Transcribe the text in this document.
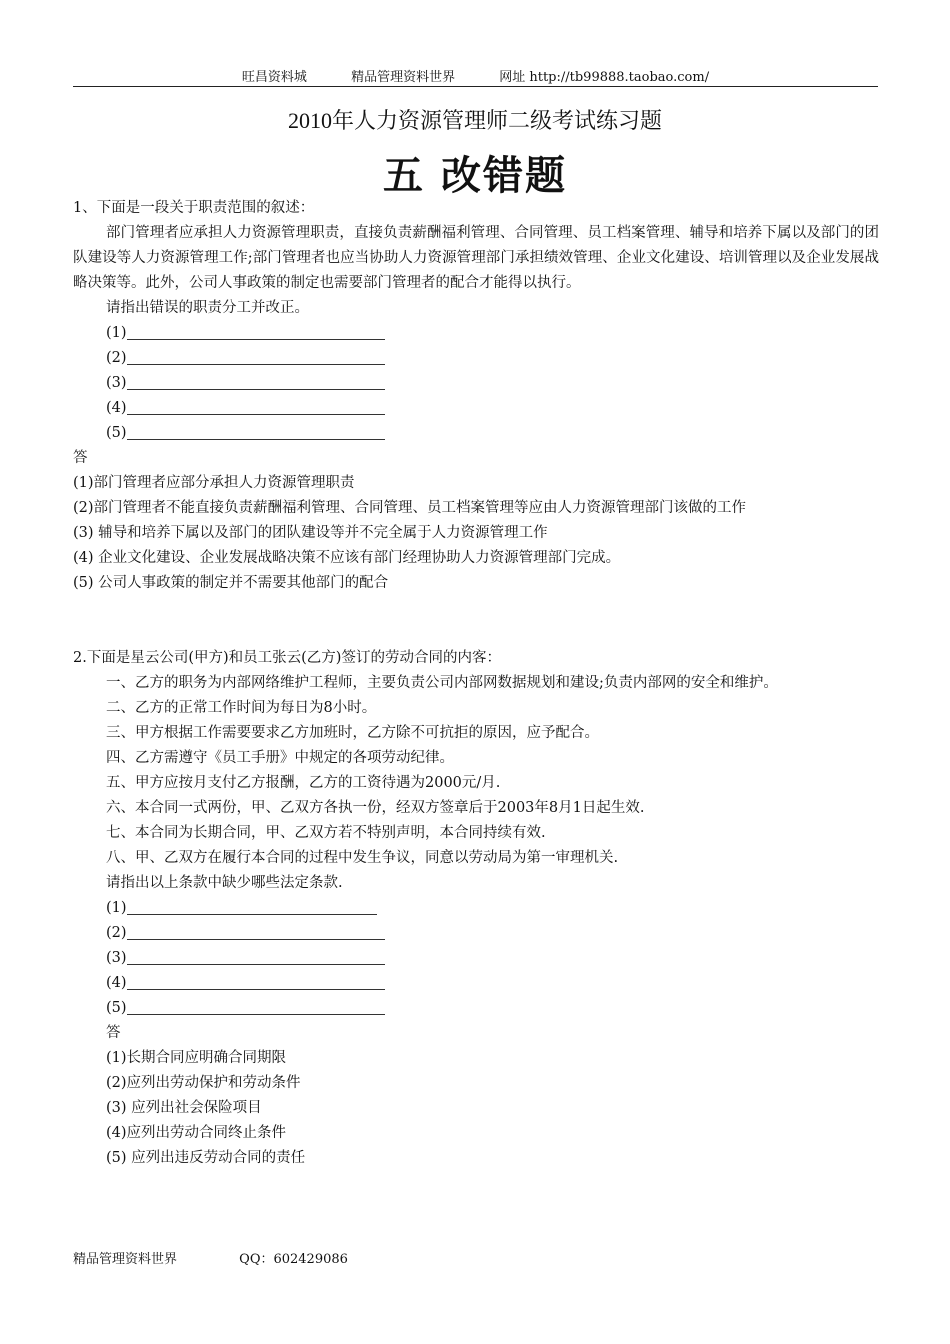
旺昌资料城	精品管理资料世界	网址 http://tb99888.taobao.com/
2010年人力资源管理师二级考试练习题
五 改错题

1、下面是一段关于职责范围的叙述：

部门管理者应承担人力资源管理职责，直接负责薪酬福利管理、合同管理、员工档案管理、辅导和培养下属以及部门的团队建设等人力资源管理工作;部门管理者也应当协助人力资源管理部门承担绩效管理、企业文化建设、培训管理以及企业发展战略决策等。此外，公司人事政策的制定也需要部门管理者的配合才能得以执行。

请指出错误的职责分工并改正。

(1)

(2)

(3)

(4)

(5)

答

(1)部门管理者应部分承担人力资源管理职责

(2)部门管理者不能直接负责薪酬福利管理、合同管理、员工档案管理等应由人力资源管理部门该做的工作

(3) 辅导和培养下属以及部门的团队建设等并不完全属于人力资源管理工作

(4) 企业文化建设、企业发展战略决策不应该有部门经理协助人力资源管理部门完成。

(5) 公司人事政策的制定并不需要其他部门的配合

2.下面是星云公司(甲方)和员工张云(乙方)签订的劳动合同的内客：

一、乙方的职务为内部网络维护工程师，主要负责公司内部网数据规划和建设;负责内部网的安全和维护。

二、乙方的正常工作时间为每日为8小时。

三、甲方根据工作需要要求乙方加班时，乙方除不可抗拒的原因，应予配合。

四、乙方需遵守《员工手册》中规定的各项劳动纪律。

五、甲方应按月支付乙方报酬，乙方的工资待遇为2000元/月.

六、本合同一式两份，甲、乙双方各执一份，经双方签章后于2003年8月1日起生效.

七、本合同为长期合同，甲、乙双方若不特别声明，本合同持续有效.

八、甲、乙双方在履行本合同的过程中发生争议，同意以劳动局为第一审理机关.

请指出以上条款中缺少哪些法定条款.

(1)

(2)

(3)

(4)

(5)

答

(1)长期合同应明确合同期限

(2)应列出劳动保护和劳动条件

(3) 应列出社会保险项目

(4)应列出劳动合同终止条件

(5) 应列出违反劳动合同的责任

精品管理资料世界	QQ：602429086
